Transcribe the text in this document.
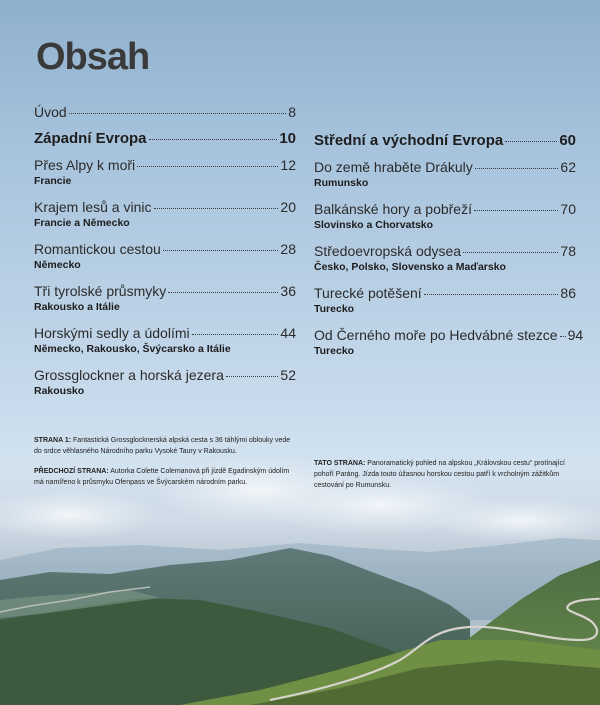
Obsah
Úvod	8
Západní Evropa	10
Přes Alpy k moři	12
Francie
Krajem lesů a vinic	20
Francie a Německo
Romantickou cestou	28
Německo
Tři tyrolské průsmyky	36
Rakousko a Itálie
Horskými sedly a údolími	44
Německo, Rakousko, Švýcarsko a Itálie
Grossglockner a horská jezera	52
Rakousko
Střední a východní Evropa	60
Do země hraběte Drákuly	62
Rumunsko
Balkánské hory a pobřeží	70
Slovinsko a Chorvatsko
Středoevropská odysea	78
Česko, Polsko, Slovensko a Maďarsko
Turecké potěšení	86
Turecko
Od Černého moře po Hedvábné stezce 94
Turecko

STRANA 1: Fantastická Grossglocknerská alpská cesta s 36 táhlými oblouky vede do srdce věhlasného Národního parku Vysoké Taury v Rakousku.

PŘEDCHOZÍ STRANA: Autorka Colette Colemanová při jízdě Egadinským údolím má namířeno k průsmyku Ofenpass ve Švýcarském národním parku.

TATO STRANA: Panoramatický pohled na alpskou „Královskou cestu“ protínající pohoří Paráng. Jízda touto úžasnou horskou cestou patří k vrcholným zážitkům cestování po Rumunsku.
